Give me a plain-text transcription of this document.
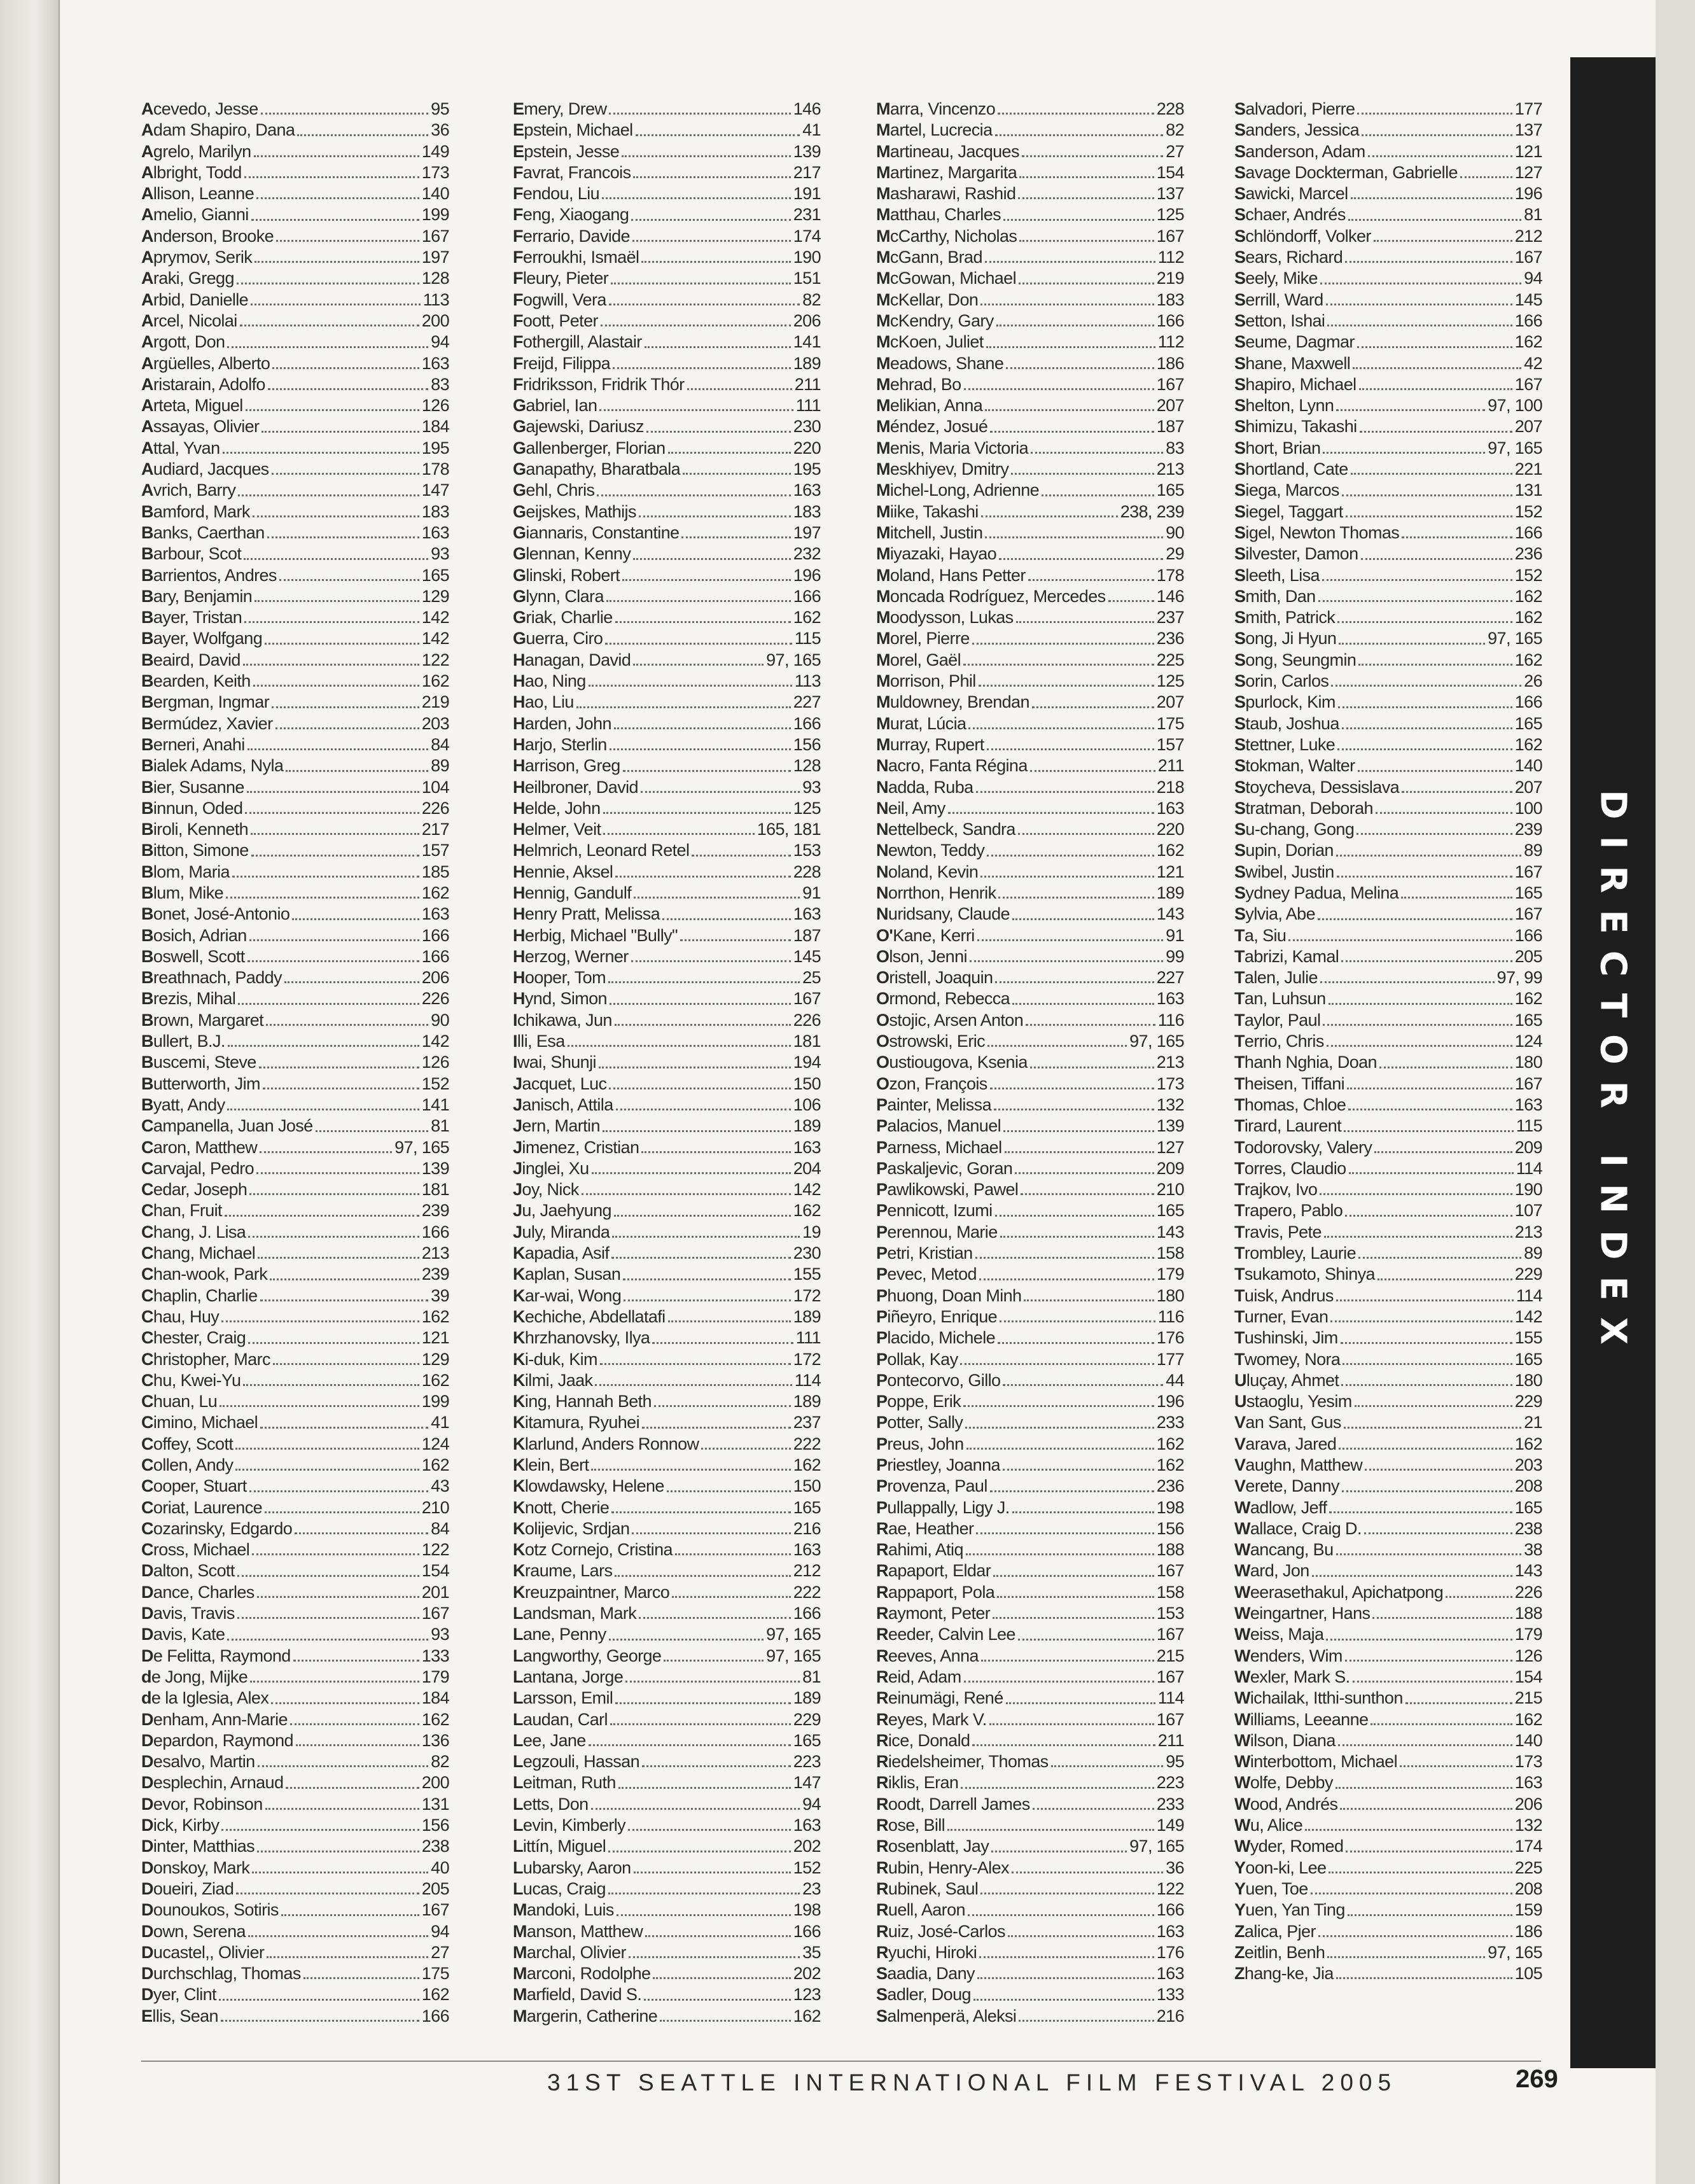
Acevedo, Jesse	95
Adam Shapiro, Dana	36
Agrelo, Marilyn	149
Albright, Todd	173
Allison, Leanne	140
Amelio, Gianni	199
Anderson, Brooke	167
Aprymov, Serik	197
Araki, Gregg	128
Arbid, Danielle	113
Arcel, Nicolai	200
Argott, Don	94
Argüelles, Alberto	163
Aristarain, Adolfo	83
Arteta, Miguel	126
Assayas, Olivier	184
Attal, Yvan	195
Audiard, Jacques	178
Avrich, Barry	147
Bamford, Mark	183
Banks, Caerthan	163
Barbour, Scot	93
Barrientos, Andres	165
Bary, Benjamin	129
Bayer, Tristan	142
Bayer, Wolfgang	142
Beaird, David	122
Bearden, Keith	162
Bergman, Ingmar	219
Bermúdez, Xavier	203
Berneri, Anahi	84
Bialek Adams, Nyla	89
Bier, Susanne	104
Binnun, Oded	226
Biroli, Kenneth	217
Bitton, Simone	157
Blom, Maria	185
Blum, Mike	162
Bonet, José-Antonio	163
Bosich, Adrian	166
Boswell, Scott	166
Breathnach, Paddy	206
Brezis, Mihal	226
Brown, Margaret	90
Bullert, B.J.	142
Buscemi, Steve	126
Butterworth, Jim	152
Byatt, Andy	141
Campanella, Juan José	81
Caron, Matthew	97, 165
Carvajal, Pedro	139
Cedar, Joseph	181
Chan, Fruit	239
Chang, J. Lisa	166
Chang, Michael	213
Chan-wook, Park	239
Chaplin, Charlie	39
Chau, Huy	162
Chester, Craig	121
Christopher, Marc	129
Chu, Kwei-Yu	162
Chuan, Lu	199
Cimino, Michael	41
Coffey, Scott	124
Collen, Andy	162
Cooper, Stuart	43
Coriat, Laurence	210
Cozarinsky, Edgardo	84
Cross, Michael	122
Dalton, Scott	154
Dance, Charles	201
Davis, Travis	167
Davis, Kate	93
De Felitta, Raymond	133
de Jong, Mijke	179
de la Iglesia, Alex	184
Denham, Ann-Marie	162
Depardon, Raymond	136
Desalvo, Martin	82
Desplechin, Arnaud	200
Devor, Robinson	131
Dick, Kirby	156
Dinter, Matthias	238
Donskoy, Mark	40
Doueiri, Ziad	205
Dounoukos, Sotiris	167
Down, Serena	94
Ducastel,, Olivier	27
Durchschlag, Thomas	175
Dyer, Clint	162
Ellis, Sean	166
Emery, Drew	146
Epstein, Michael	41
Epstein, Jesse	139
Favrat, Francois	217
Fendou, Liu	191
Feng, Xiaogang	231
Ferrario, Davide	174
Ferroukhi, Ismaël	190
Fleury, Pieter	151
Fogwill, Vera	82
Foott, Peter	206
Fothergill, Alastair	141
Freijd, Filippa	189
Fridriksson, Fridrik Thór	211
Gabriel, Ian	111
Gajewski, Dariusz	230
Gallenberger, Florian	220
Ganapathy, Bharatbala	195
Gehl, Chris	163
Geijskes, Mathijs	183
Giannaris, Constantine	197
Glennan, Kenny	232
Glinski, Robert	196
Glynn, Clara	166
Griak, Charlie	162
Guerra, Ciro	115
Hanagan, David	97, 165
Hao, Ning	113
Hao, Liu	227
Harden, John	166
Harjo, Sterlin	156
Harrison, Greg	128
Heilbroner, David	93
Helde, John	125
Helmer, Veit	165, 181
Helmrich, Leonard Retel	153
Hennie, Aksel	228
Hennig, Gandulf	91
Henry Pratt, Melissa	163
Herbig, Michael "Bully"	187
Herzog, Werner	145
Hooper, Tom	25
Hynd, Simon	167
Ichikawa, Jun	226
Illi, Esa	181
Iwai, Shunji	194
Jacquet, Luc	150
Janisch, Attila	106
Jern, Martin	189
Jimenez, Cristian	163
Jinglei, Xu	204
Joy, Nick	142
Ju, Jaehyung	162
July, Miranda	19
Kapadia, Asif	230
Kaplan, Susan	155
Kar-wai, Wong	172
Kechiche, Abdellatafi	189
Khrzhanovsky, Ilya	111
Ki-duk, Kim	172
Kilmi, Jaak	114
King, Hannah Beth	189
Kitamura, Ryuhei	237
Klarlund, Anders Ronnow	222
Klein, Bert	162
Klowdawsky, Helene	150
Knott, Cherie	165
Kolijevic, Srdjan	216
Kotz Cornejo, Cristina	163
Kraume, Lars	212
Kreuzpaintner, Marco	222
Landsman, Mark	166
Lane, Penny	97, 165
Langworthy, George	97, 165
Lantana, Jorge	81
Larsson, Emil	189
Laudan, Carl	229
Lee, Jane	165
Legzouli, Hassan	223
Leitman, Ruth	147
Letts, Don	94
Levin, Kimberly	163
Littín, Miguel	202
Lubarsky, Aaron	152
Lucas, Craig	23
Mandoki, Luis	198
Manson, Matthew	166
Marchal, Olivier	35
Marconi, Rodolphe	202
Marfield, David S.	123
Margerin, Catherine	162
Marra, Vincenzo	228
Martel, Lucrecia	82
Martineau, Jacques	27
Martinez, Margarita	154
Masharawi, Rashid	137
Matthau, Charles	125
McCarthy, Nicholas	167
McGann, Brad	112
McGowan, Michael	219
McKellar, Don	183
McKendry, Gary	166
McKoen, Juliet	112
Meadows, Shane	186
Mehrad, Bo	167
Melikian, Anna	207
Méndez, Josué	187
Menis, Maria Victoria	83
Meskhiyev, Dmitry	213
Michel-Long, Adrienne	165
Miike, Takashi	238, 239
Mitchell, Justin	90
Miyazaki, Hayao	29
Moland, Hans Petter	178
Moncada Rodríguez, Mercedes	146
Moodysson, Lukas	237
Morel, Pierre	236
Morel, Gaël	225
Morrison, Phil	125
Muldowney, Brendan	207
Murat, Lúcia	175
Murray, Rupert	157
Nacro, Fanta Régina	211
Nadda, Ruba	218
Neil, Amy	163
Nettelbeck, Sandra	220
Newton, Teddy	162
Noland, Kevin	121
Norrthon, Henrik	189
Nuridsany, Claude	143
O'Kane, Kerri	91
Olson, Jenni	99
Oristell, Joaquin	227
Ormond, Rebecca	163
Ostojic, Arsen Anton	116
Ostrowski, Eric	97, 165
Oustiougova, Ksenia	213
Ozon, François	173
Painter, Melissa	132
Palacios, Manuel	139
Parness, Michael	127
Paskaljevic, Goran	209
Pawlikowski, Pawel	210
Pennicott, Izumi	165
Perennou, Marie	143
Petri, Kristian	158
Pevec, Metod	179
Phuong, Doan Minh	180
Piñeyro, Enrique	116
Placido, Michele	176
Pollak, Kay	177
Pontecorvo, Gillo	44
Poppe, Erik	196
Potter, Sally	233
Preus, John	162
Priestley, Joanna	162
Provenza, Paul	236
Pullappally, Ligy J.	198
Rae, Heather	156
Rahimi, Atiq	188
Rapaport, Eldar	167
Rappaport, Pola	158
Raymont, Peter	153
Reeder, Calvin Lee	167
Reeves, Anna	215
Reid, Adam	167
Reinumägi, René	114
Reyes, Mark V.	167
Rice, Donald	211
Riedelsheimer, Thomas	95
Riklis, Eran	223
Roodt, Darrell James	233
Rose, Bill	149
Rosenblatt, Jay	97, 165
Rubin, Henry-Alex	36
Rubinek, Saul	122
Ruell, Aaron	166
Ruiz, José-Carlos	163
Ryuchi, Hiroki	176
Saadia, Dany	163
Sadler, Doug	133
Salmenperä, Aleksi	216
Salvadori, Pierre	177
Sanders, Jessica	137
Sanderson, Adam	121
Savage Dockterman, Gabrielle	127
Sawicki, Marcel	196
Schaer, Andrés	81
Schlöndorff, Volker	212
Sears, Richard	167
Seely, Mike	94
Serrill, Ward	145
Setton, Ishai	166
Seume, Dagmar	162
Shane, Maxwell	42
Shapiro, Michael	167
Shelton, Lynn	97, 100
Shimizu, Takashi	207
Short, Brian	97, 165
Shortland, Cate	221
Siega, Marcos	131
Siegel, Taggart	152
Sigel, Newton Thomas	166
Silvester, Damon	236
Sleeth, Lisa	152
Smith, Dan	162
Smith, Patrick	162
Song, Ji Hyun	97, 165
Song, Seungmin	162
Sorin, Carlos	26
Spurlock, Kim	166
Staub, Joshua	165
Stettner, Luke	162
Stokman, Walter	140
Stoycheva, Dessislava	207
Stratman, Deborah	100
Su-chang, Gong	239
Supin, Dorian	89
Swibel, Justin	167
Sydney Padua, Melina	165
Sylvia, Abe	167
Ta, Siu	166
Tabrizi, Kamal	205
Talen, Julie	97, 99
Tan, Luhsun	162
Taylor, Paul	165
Terrio, Chris	124
Thanh Nghia, Doan	180
Theisen, Tiffani	167
Thomas, Chloe	163
Tirard, Laurent	115
Todorovsky, Valery	209
Torres, Claudio	114
Trajkov, Ivo	190
Trapero, Pablo	107
Travis, Pete	213
Trombley, Laurie	89
Tsukamoto, Shinya	229
Tuisk, Andrus	114
Turner, Evan	142
Tushinski, Jim	155
Twomey, Nora	165
Uluçay, Ahmet	180
Ustaoglu, Yesim	229
Van Sant, Gus	21
Varava, Jared	162
Vaughn, Matthew	203
Verete, Danny	208
Wadlow, Jeff	165
Wallace, Craig D.	238
Wancang, Bu	38
Ward, Jon	143
Weerasethakul, Apichatpong	226
Weingartner, Hans	188
Weiss, Maja	179
Wenders, Wim	126
Wexler, Mark S.	154
Wichailak, Itthi-sunthon	215
Williams, Leeanne	162
Wilson, Diana	140
Winterbottom, Michael	173
Wolfe, Debby	163
Wood, Andrés	206
Wu, Alice	132
Wyder, Romed	174
Yoon-ki, Lee	225
Yuen, Toe	208
Yuen, Yan Ting	159
Zalica, Pjer	186
Zeitlin, Benh	97, 165
Zhang-ke, Jia	105
DIRECTOR INDEX
31ST SEATTLE INTERNATIONAL FILM FESTIVAL 2005	269
